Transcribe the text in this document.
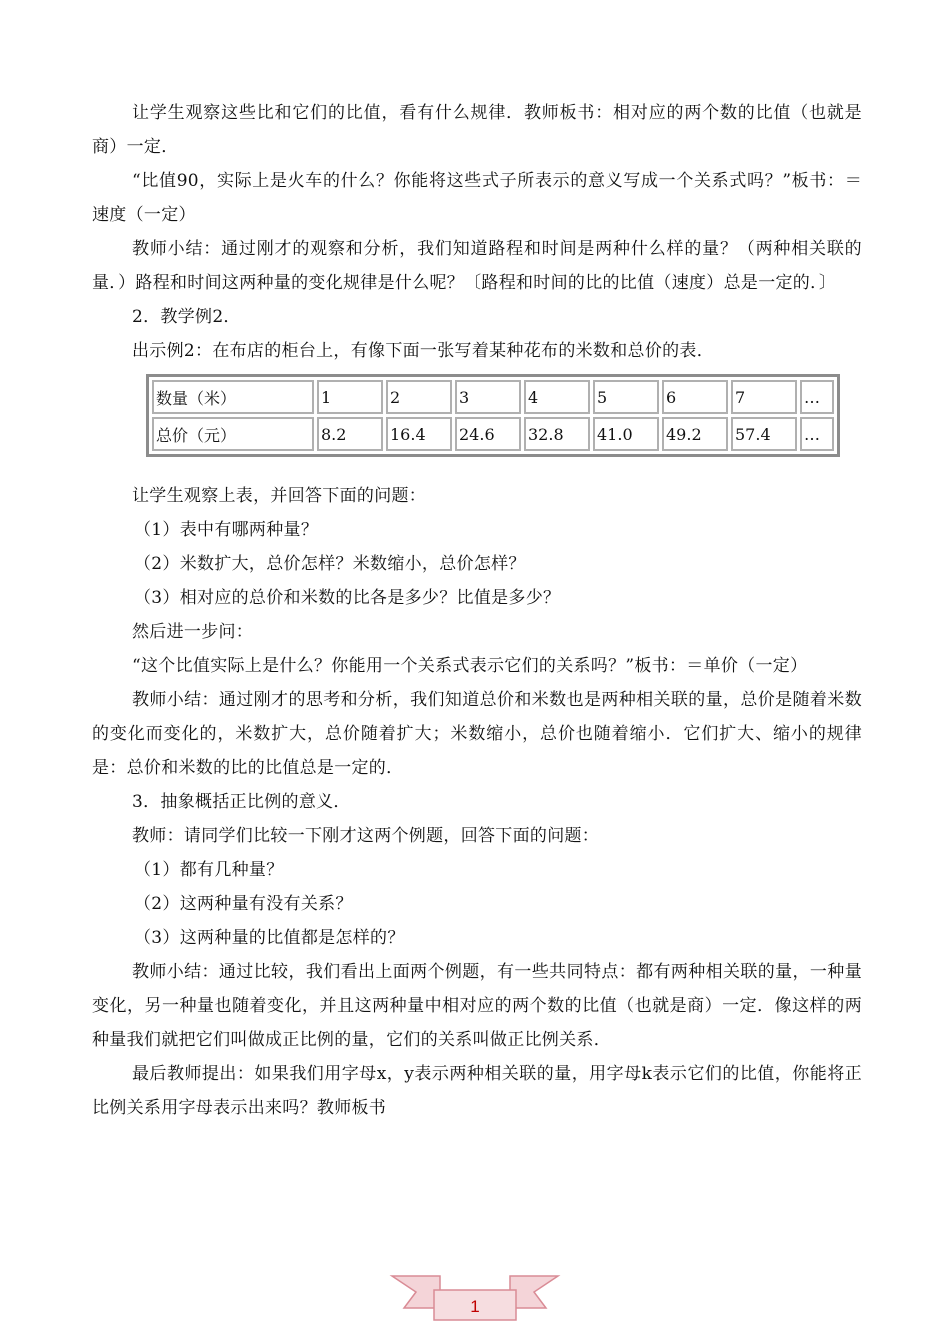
让学生观察这些比和它们的比值，看有什么规律．教师板书：相对应的两个数的比值（也就是商）一定．

“比值90，实际上是火车的什么？你能将这些式子所表示的意义写成一个关系式吗？”板书：＝速度（一定）

教师小结：通过刚才的观察和分析，我们知道路程和时间是两种什么样的量？（两种相关联的量．）路程和时间这两种量的变化规律是什么呢？〔路程和时间的比的比值（速度）总是一定的．〕

2．教学例2．

出示例2：在布店的柜台上，有像下面一张写着某种花布的米数和总价的表．

数量（米）	1	2	3	4	5	6	7	…
总价（元）	8.2	16.4	24.6	32.8	41.0	49.2	57.4	…

让学生观察上表，并回答下面的问题：

（1）表中有哪两种量？

（2）米数扩大，总价怎样？米数缩小，总价怎样？

（3）相对应的总价和米数的比各是多少？比值是多少？

然后进一步问：

“这个比值实际上是什么？你能用一个关系式表示它们的关系吗？”板书：＝单价（一定）

教师小结：通过刚才的思考和分析，我们知道总价和米数也是两种相关联的量，总价是随着米数的变化而变化的，米数扩大，总价随着扩大；米数缩小，总价也随着缩小．它们扩大、缩小的规律是：总价和米数的比的比值总是一定的．

3．抽象概括正比例的意义．

教师：请同学们比较一下刚才这两个例题，回答下面的问题：

（1）都有几种量？

（2）这两种量有没有关系？

（3）这两种量的比值都是怎样的？

教师小结：通过比较，我们看出上面两个例题，有一些共同特点：都有两种相关联的量，一种量变化，另一种量也随着变化，并且这两种量中相对应的两个数的比值（也就是商）一定．像这样的两种量我们就把它们叫做成正比例的量，它们的关系叫做正比例关系．

最后教师提出：如果我们用字母x，y表示两种相关联的量，用字母k表示它们的比值，你能将正比例关系用字母表示出来吗？教师板书

1
